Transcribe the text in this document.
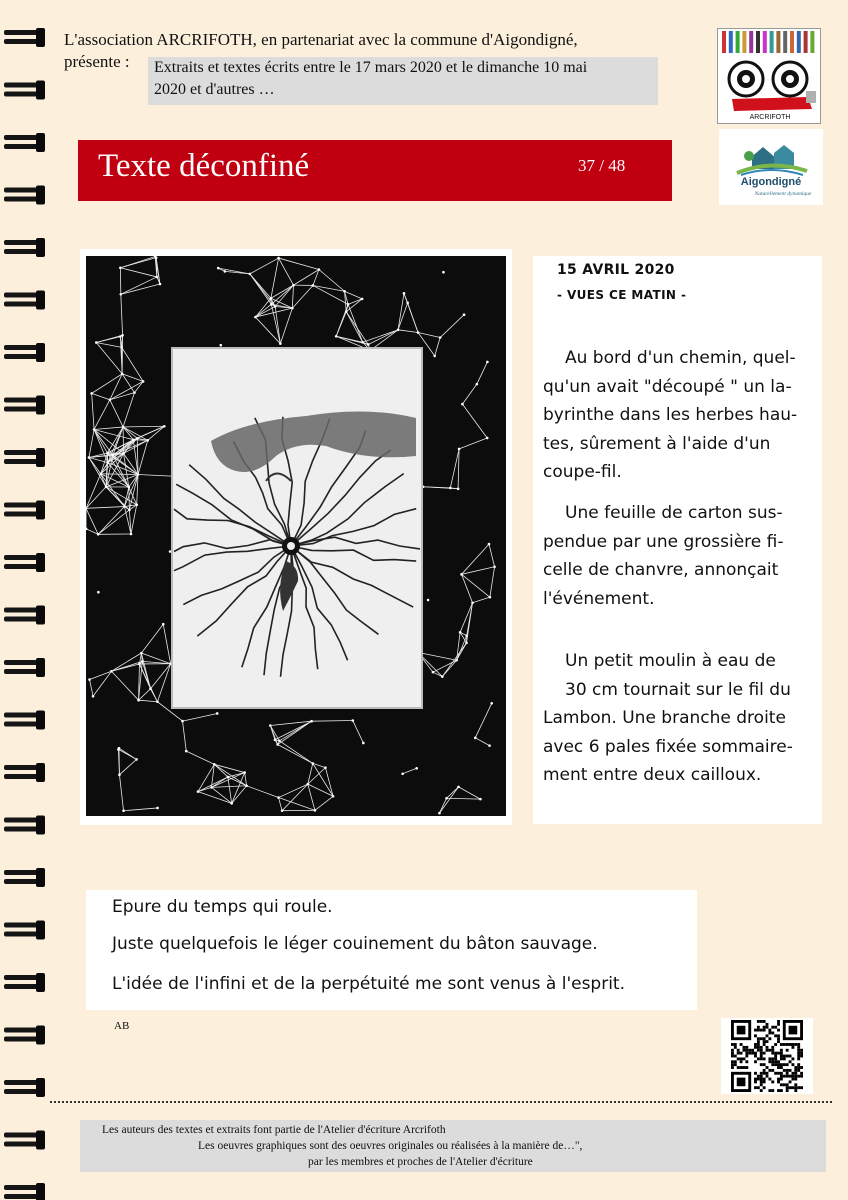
L'association ARCRIFOTH, en partenariat avec la commune d'Aigondigné,
présente : Extraits et textes écrits entre le 17 mars 2020 et le dimanche 10 mai
2020 et d'autres …
ARCRIFOTH
Aigondigné
Naturellement dynamique
Texte déconfiné	37 / 48
15 AVRIL 2020
- VUES CE MATIN -
Au bord d'un chemin, quel-
qu'un avait "découpé " un la-
byrinthe dans les herbes hau-
tes, sûrement à l'aide d'un
coupe-fil.
Une feuille de carton sus-
pendue par une grossière fi-
celle de chanvre, annonçait
l'événement.
Un petit moulin à eau de
30 cm tournait sur le fil du
Lambon. Une branche droite
avec 6 pales fixée sommaire-
ment entre deux cailloux.
Epure du temps qui roule.
Juste quelquefois le léger couinement du bâton sauvage.
L'idée de l'infini et de la perpétuité me sont venus à l'esprit.
AB
Les auteurs des textes et extraits font partie de l'Atelier d'écriture Arcrifoth
Les oeuvres graphiques sont des oeuvres originales ou réalisées à la manière de…",
par les membres et proches de l'Atelier d'écriture
